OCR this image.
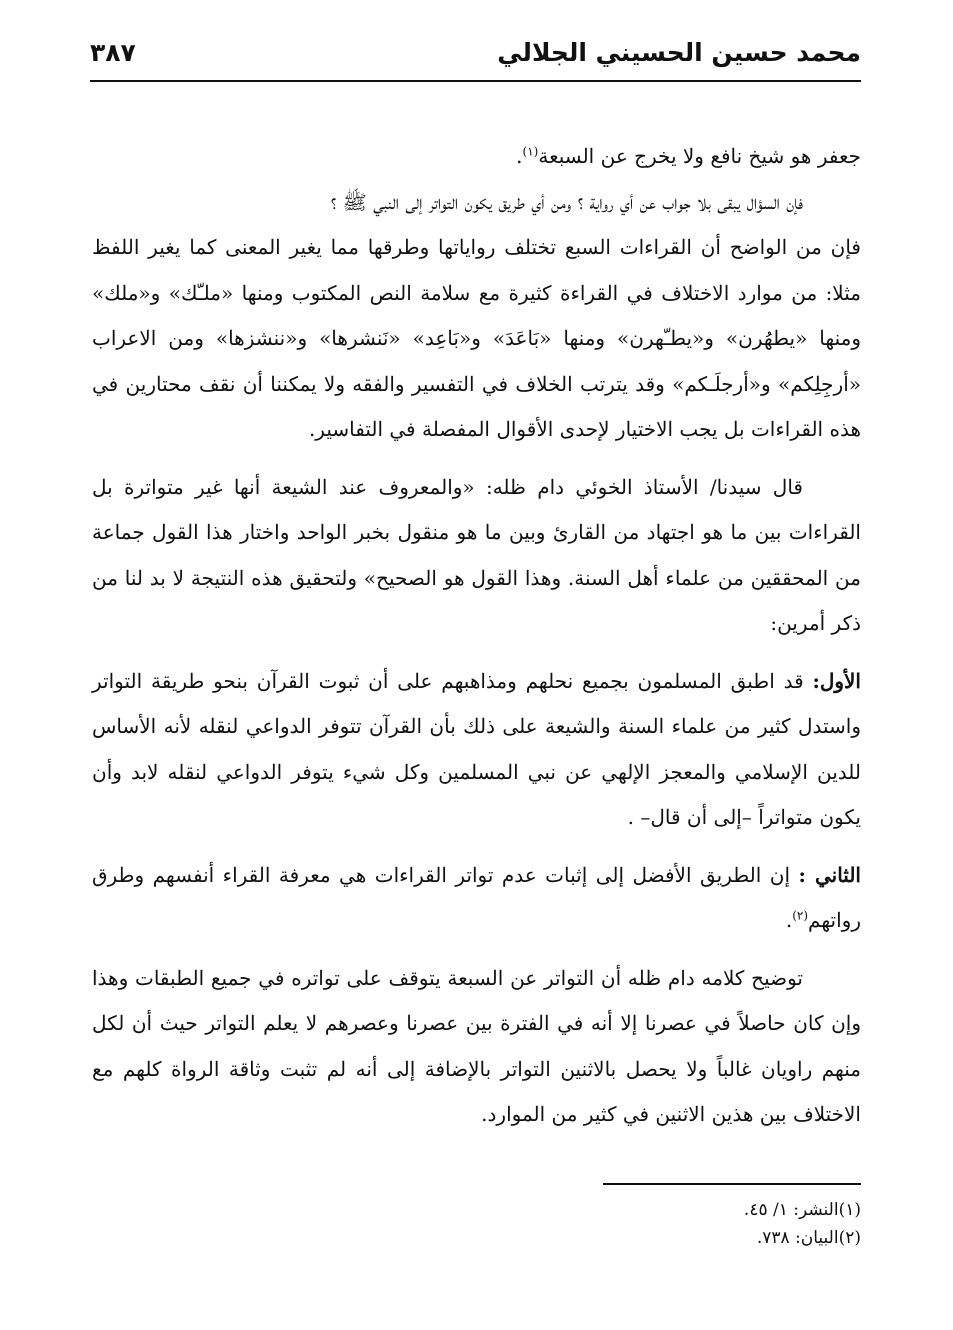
محمد حسين الحسيني الجلالي
٣٨٧

جعفر هو شيخ نافع ولا يخرج عن السبعة$^{(١)}$.

فإن السؤال يبقى بلا جواب عن أي رواية ؟ ومن أي طريق يكون التواتر إلى النبي ﷺ ؟

فإن من الواضح أن القراءات السبع تختلف رواياتها وطرقها مما يغير المعنى كما يغير اللفظ مثلا: من موارد الاختلاف في القراءة كثيرة مع سلامة النص المكتوب ومنها «ملـّك» و«ملك» ومنها «يطهُرن» و«يطـّهرن» ومنها «بَاعَدَ» و«بَاعِد» «نَنشرها» و«ننشزها» ومن الاعراب «أرجِلِكم» و«أرجلَـكم» وقد يترتب الخلاف في التفسير والفقه ولا يمكننا أن نقف محتارين في هذه القراءات بل يجب الاختيار لإحدى الأقوال المفصلة في التفاسير.

قال سيدنا/ الأستاذ الخوئي دام ظله: «والمعروف عند الشيعة أنها غير متواترة بل القراءات بين ما هو اجتهاد من القارئ وبين ما هو منقول بخبر الواحد واختار هذا القول جماعة من المحققين من علماء أهل السنة. وهذا القول هو الصحيح» ولتحقيق هذه النتيجة لا بد لنا من ذكر أمرين:

الأول: قد اطبق المسلمون بجميع نحلهم ومذاهبهم على أن ثبوت القرآن بنحو طريقة التواتر واستدل كثير من علماء السنة والشيعة على ذلك بأن القرآن تتوفر الدواعي لنقله لأنه الأساس للدين الإسلامي والمعجز الإلهي عن نبي المسلمين وكل شيء يتوفر الدواعي لنقله لابد وأن يكون متواتراً –إلى أن قال– .

الثاني : إن الطريق الأفضل إلى إثبات عدم تواتر القراءات هي معرفة القراء أنفسهم وطرق رواتهم$^{(٢)}$.

توضيح كلامه دام ظله أن التواتر عن السبعة يتوقف على تواتره في جميع الطبقات وهذا وإن كان حاصلاً في عصرنا إلا أنه في الفترة بين عصرنا وعصرهم لا يعلم التواتر حيث أن لكل منهم راويان غالباً ولا يحصل بالاثنين التواتر بالإضافة إلى أنه لم تثبت وثاقة الرواة كلهم مع الاختلاف بين هذين الاثنين في كثير من الموارد.

(١)النشر: ١/ ٤٥.

(٢)البيان: ٧٣٨.
